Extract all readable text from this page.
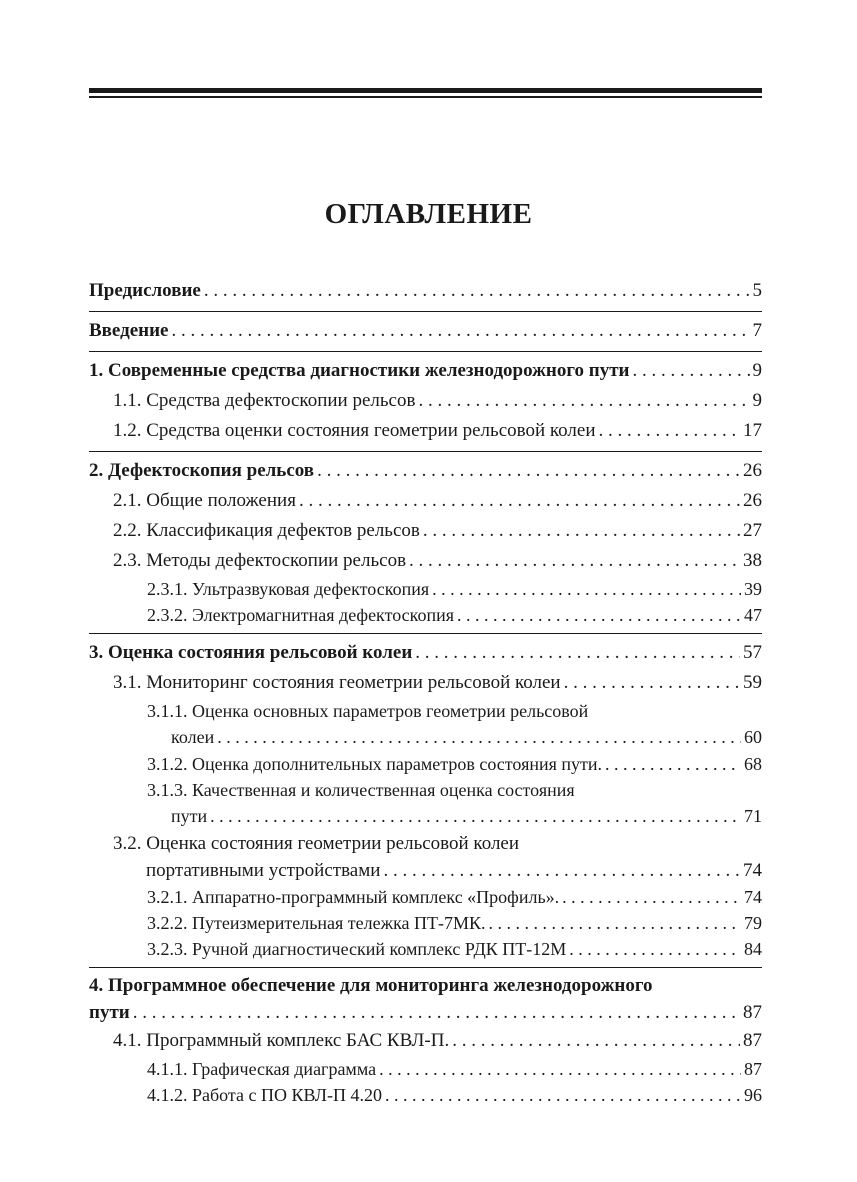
ОГЛАВЛЕНИЕ
Предисловие . . .	5
Введение . . .	7
1. Современные средства диагностики железнодорожного пути . . .	9
1.1. Средства дефектоскопии рельсов . . .	9
1.2. Средства оценки состояния геометрии рельсовой колеи . . .	17
2. Дефектоскопия рельсов . . .	26
2.1. Общие положения . . .	26
2.2. Классификация дефектов рельсов . . .	27
2.3. Методы дефектоскопии рельсов . . .	38
2.3.1. Ультразвуковая дефектоскопия . . .	39
2.3.2. Электромагнитная дефектоскопия . . .	47
3. Оценка состояния рельсовой колеи . . .	57
3.1. Мониторинг состояния геометрии рельсовой колеи . . .	59
3.1.1. Оценка основных параметров геометрии рельсовой
колеи . . .	60
3.1.2. Оценка дополнительных параметров состояния пути. . . .	68
3.1.3. Качественная и количественная оценка состояния
пути . . .	71
3.2. Оценка состояния геометрии рельсовой колеи
портативными устройствами . . .	74
3.2.1. Аппаратно-программный комплекс «Профиль». . . .	74
3.2.2. Путеизмерительная тележка ПТ-7МК. . . .	79
3.2.3. Ручной диагностический комплекс РДК ПТ-12М . . .	84
4. Программное обеспечение для мониторинга железнодорожного
пути . . .	87
4.1. Программный комплекс БАС КВЛ-П. . . .	87
4.1.1. Графическая диаграмма . . .	87
4.1.2. Работа с ПО КВЛ-П 4.20 . . .	96
